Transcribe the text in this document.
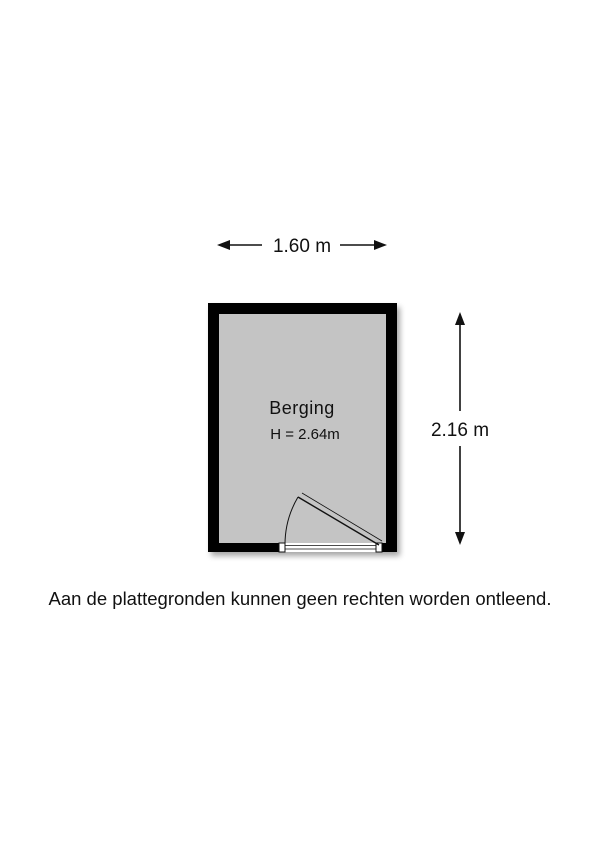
1.60 m
2.16 m
Berging
H = 2.64m
Aan de plattegronden kunnen geen rechten worden ontleend.
